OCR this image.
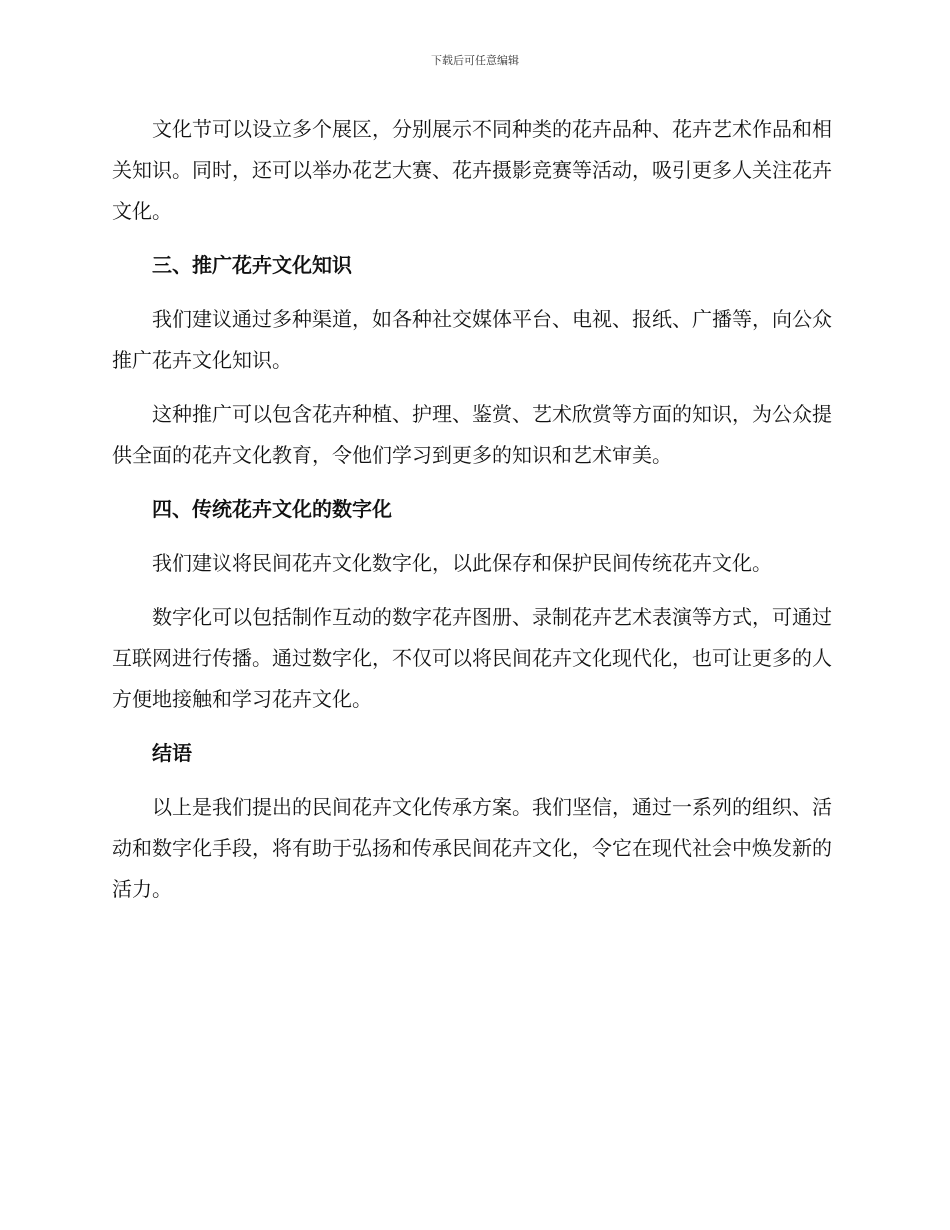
下载后可任意编辑

文化节可以设立多个展区，分别展示不同种类的花卉品种、花卉艺术作品和相关知识。同时，还可以举办花艺大赛、花卉摄影竞赛等活动，吸引更多人关注花卉文化。

三、推广花卉文化知识

我们建议通过多种渠道，如各种社交媒体平台、电视、报纸、广播等，向公众推广花卉文化知识。

这种推广可以包含花卉种植、护理、鉴赏、艺术欣赏等方面的知识，为公众提供全面的花卉文化教育，令他们学习到更多的知识和艺术审美。

四、传统花卉文化的数字化

我们建议将民间花卉文化数字化，以此保存和保护民间传统花卉文化。

数字化可以包括制作互动的数字花卉图册、录制花卉艺术表演等方式，可通过互联网进行传播。通过数字化，不仅可以将民间花卉文化现代化，也可让更多的人方便地接触和学习花卉文化。

结语

以上是我们提出的民间花卉文化传承方案。我们坚信，通过一系列的组织、活动和数字化手段，将有助于弘扬和传承民间花卉文化，令它在现代社会中焕发新的活力。
